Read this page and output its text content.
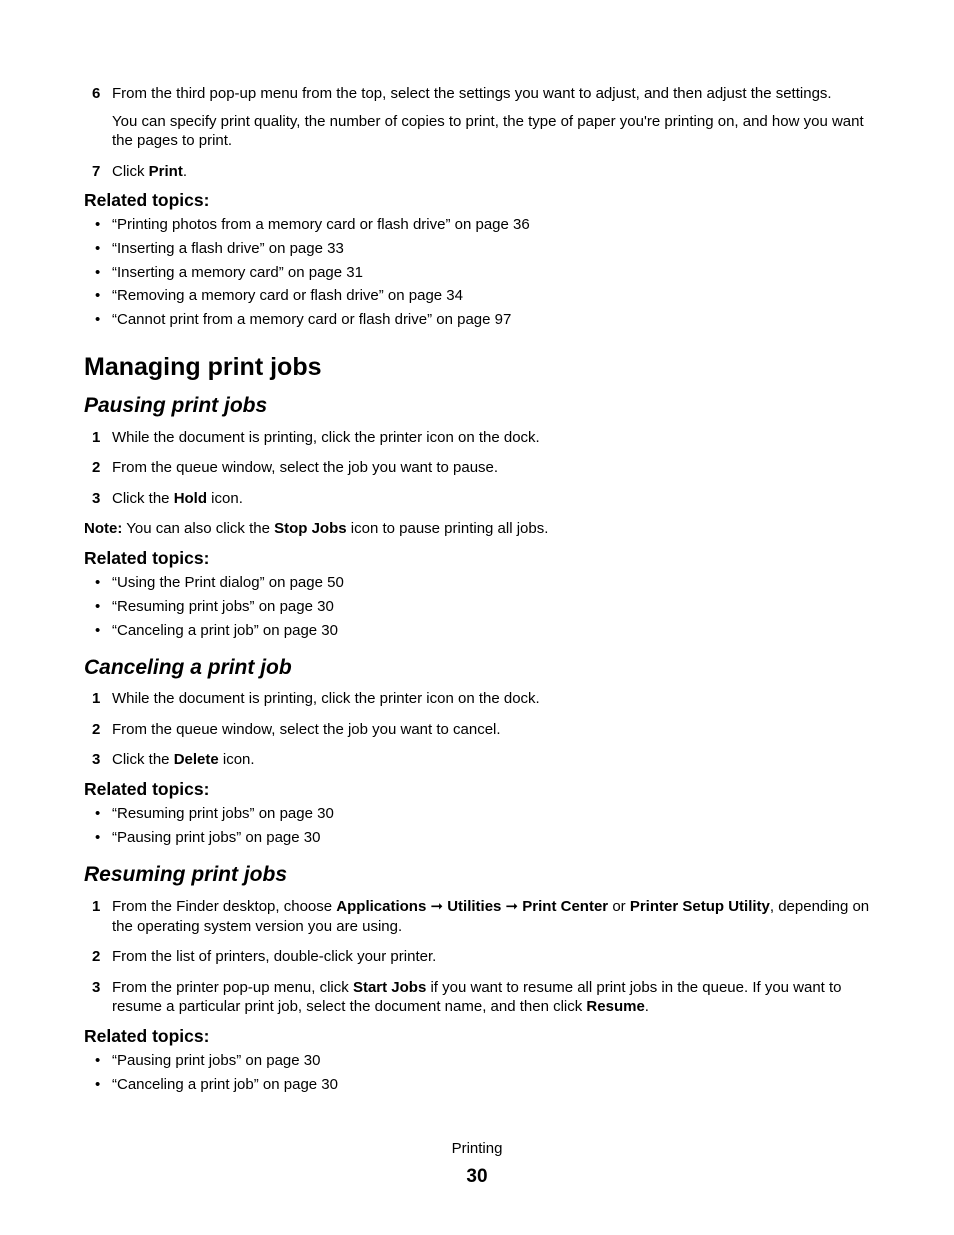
6 From the third pop-up menu from the top, select the settings you want to adjust, and then adjust the settings.
You can specify print quality, the number of copies to print, the type of paper you're printing on, and how you want the pages to print.
7 Click Print.
Related topics:
• “Printing photos from a memory card or flash drive” on page 36
• “Inserting a flash drive” on page 33
• “Inserting a memory card” on page 31
• “Removing a memory card or flash drive” on page 34
• “Cannot print from a memory card or flash drive” on page 97
Managing print jobs
Pausing print jobs
1 While the document is printing, click the printer icon on the dock.
2 From the queue window, select the job you want to pause.
3 Click the Hold icon.
Note: You can also click the Stop Jobs icon to pause printing all jobs.
Related topics:
• “Using the Print dialog” on page 50
• “Resuming print jobs” on page 30
• “Canceling a print job” on page 30
Canceling a print job
1 While the document is printing, click the printer icon on the dock.
2 From the queue window, select the job you want to cancel.
3 Click the Delete icon.
Related topics:
• “Resuming print jobs” on page 30
• “Pausing print jobs” on page 30
Resuming print jobs
1 From the Finder desktop, choose Applications ➞ Utilities ➞ Print Center or Printer Setup Utility, depending on the operating system version you are using.
2 From the list of printers, double-click your printer.
3 From the printer pop-up menu, click Start Jobs if you want to resume all print jobs in the queue. If you want to resume a particular print job, select the document name, and then click Resume.
Related topics:
• “Pausing print jobs” on page 30
• “Canceling a print job” on page 30
Printing
30
